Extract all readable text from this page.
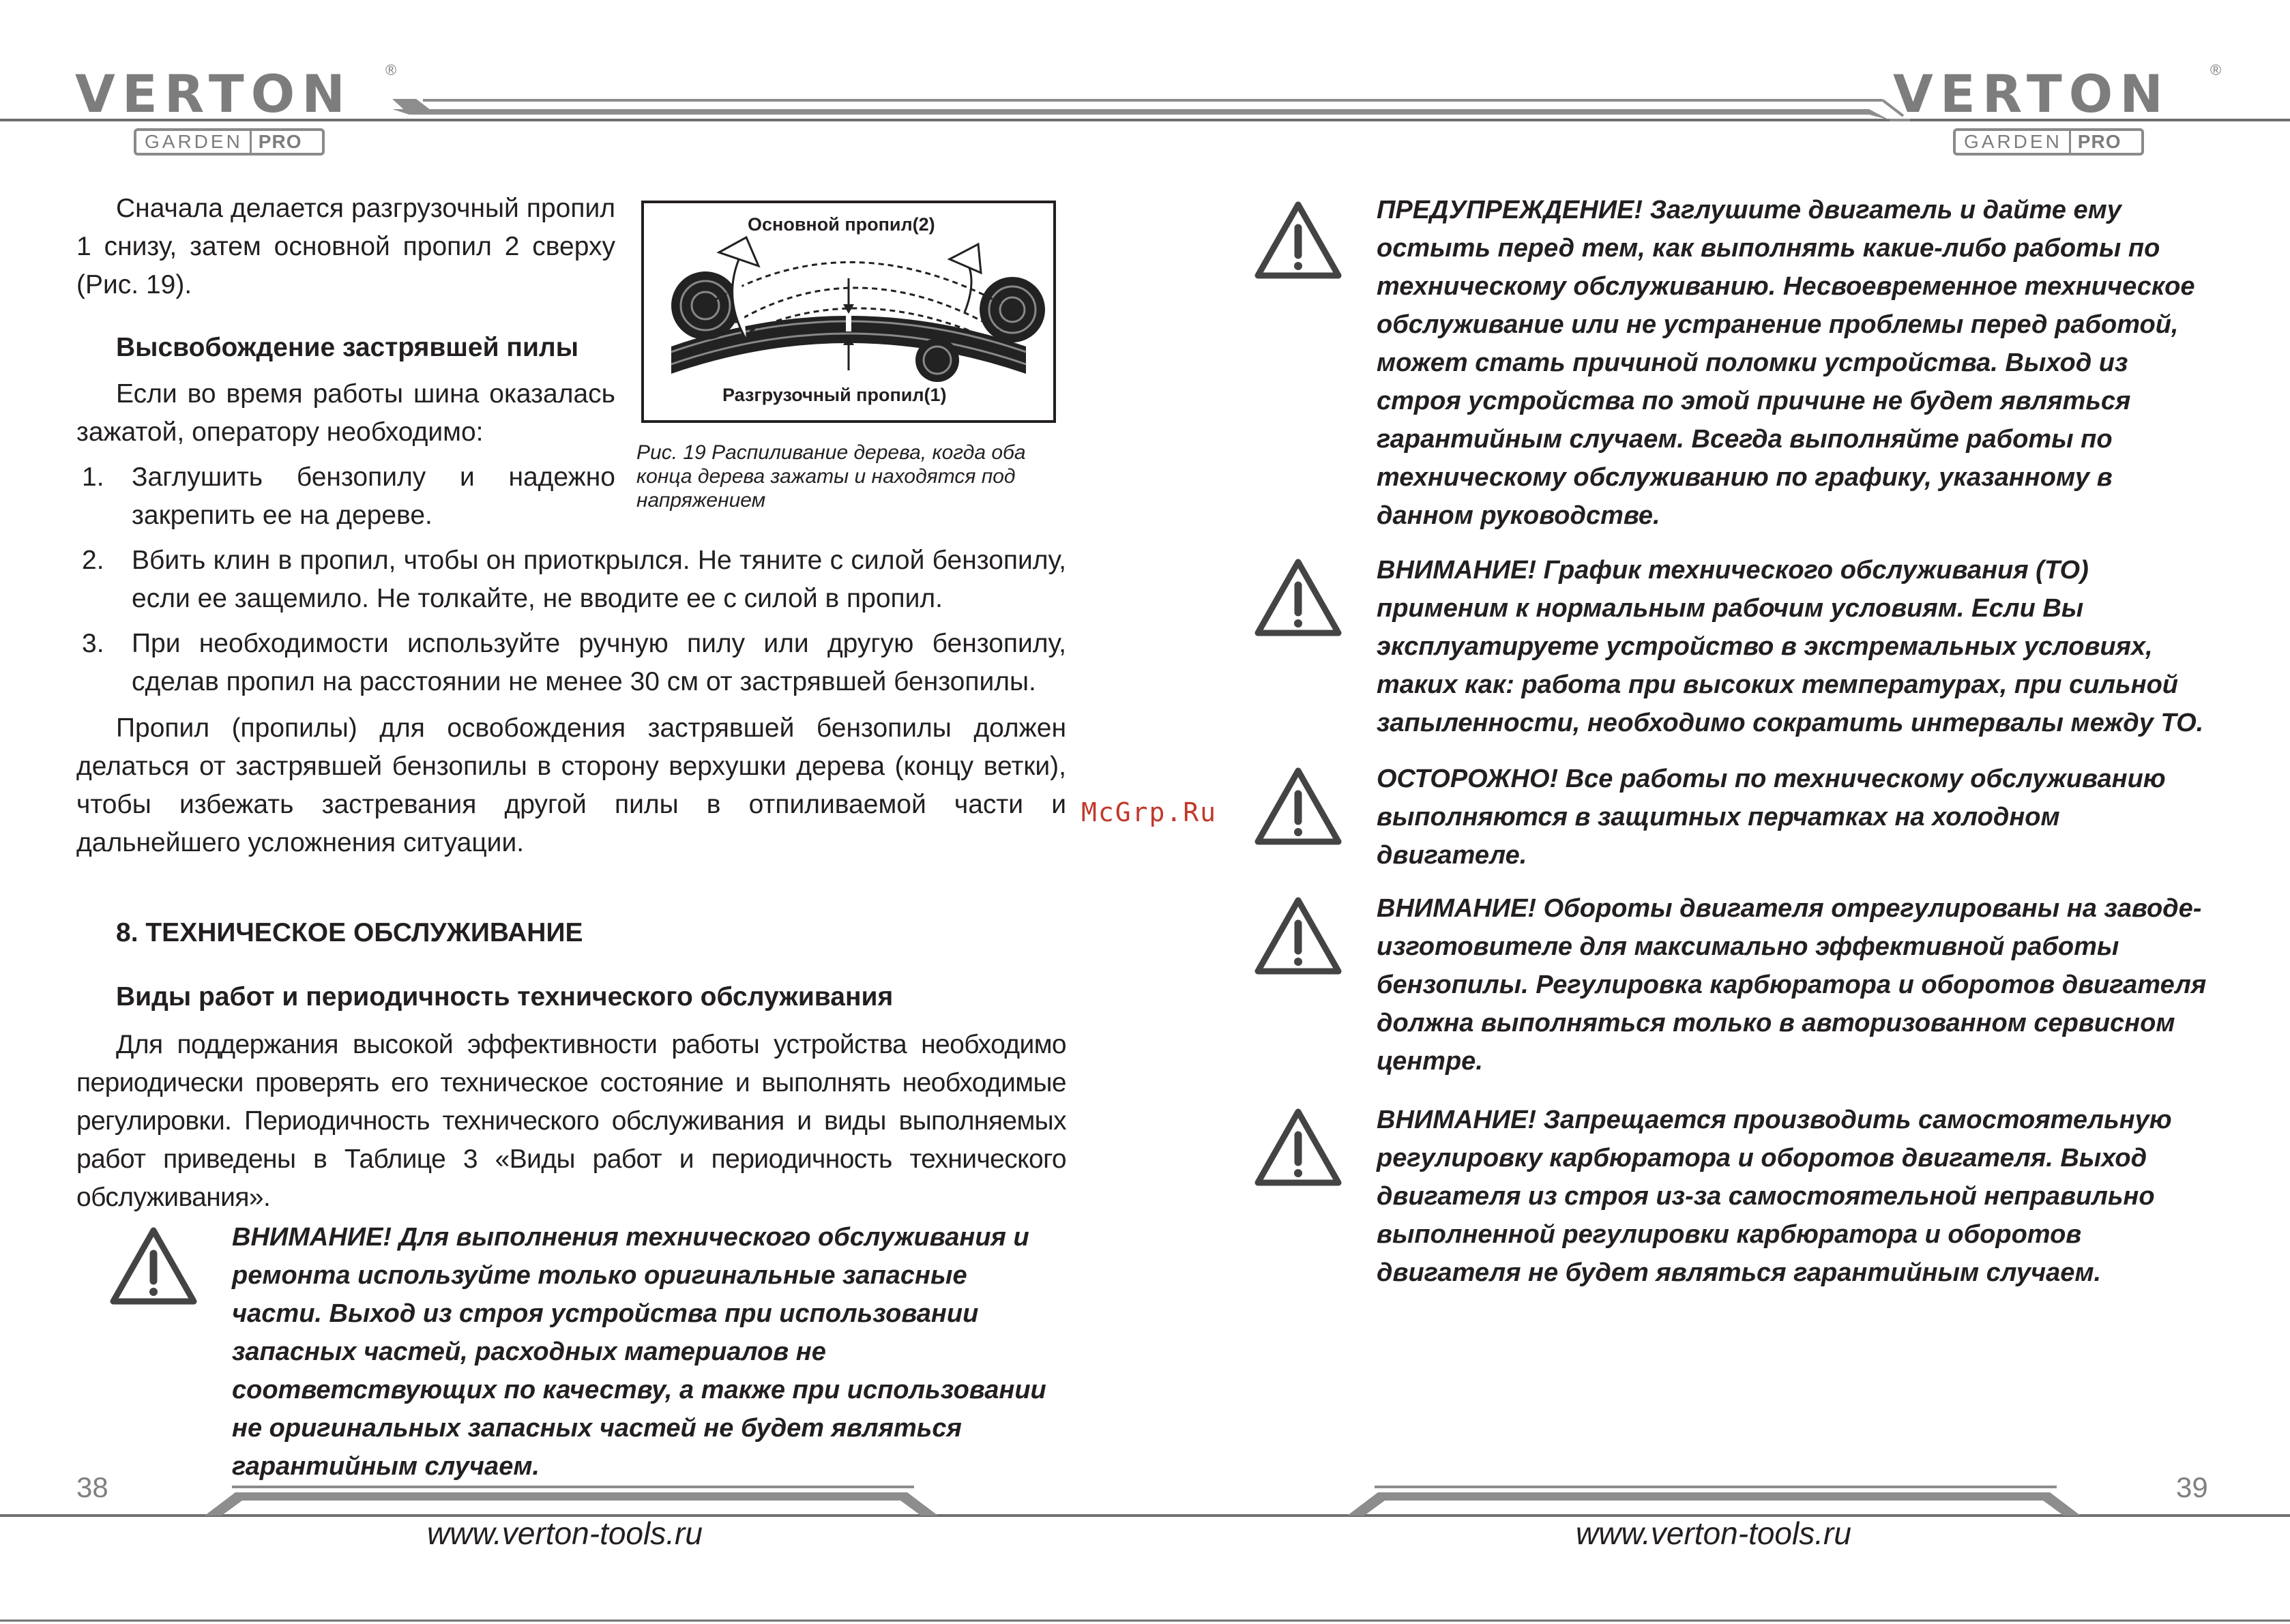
VERTON ®
GARDEN PRO
VERTON	®
GARDEN PRO
Сначала делается разгрузочный пропил 1 снизу, затем основной пропил 2 сверху (Рис. 19).
Основной пропил(2)
Разгрузочный пропил(1)
Рис. 19 Распиливание дерева, когда оба конца дерева зажаты и находятся под напряжением
Высвобождение застрявшей пилы
Если во время работы шина оказалась зажатой, оператору необходимо:
1. Заглушить бензопилу и надежно закрепить ее на дереве.
2. Вбить клин в пропил, чтобы он приоткрылся. Не тяните с силой бензопилу, если ее защемило. Не толкайте, не вводите ее с силой в пропил.
3. При необходимости используйте ручную пилу или другую бензопилу, сделав пропил на расстоянии не менее 30 см от застрявшей бензопилы.
Пропил (пропилы) для освобождения застрявшей бензопилы должен делаться от застрявшей бензопилы в сторону верхушки дерева (концу ветки), чтобы избежать застревания другой пилы в отпиливаемой части и дальнейшего усложнения ситуации.
8. ТЕХНИЧЕСКОЕ ОБСЛУЖИВАНИЕ
Виды работ и периодичность технического обслуживания
Для поддержания высокой эффективности работы устройства необходимо периодически проверять его техническое состояние и выполнять необходимые регулировки. Периодичность технического обслуживания и виды выполняемых работ приведены в Таблице 3 «Виды работ и периодичность технического обслуживания».
ВНИМАНИЕ! Для выполнения технического обслуживания и ремонта используйте только оригинальные запасные части. Выход из строя устройства при использовании запасных частей, расходных материалов не соответствующих по качеству, а также при использовании не оригинальных запасных частей не будет являться гарантийным случаем.
38
www.verton-tools.ru
McGrp.Ru
ПРЕДУПРЕЖДЕНИЕ! Заглушите двигатель и дайте ему остыть перед тем, как выполнять какие-либо работы по техническому обслуживанию. Несвоевременное техническое обслуживание или не устранение проблемы перед работой, может стать причиной поломки устройства. Выход из строя устройства по этой причине не будет являться гарантийным случаем. Всегда выполняйте работы по техническому обслуживанию по графику, указанному в данном руководстве.
ВНИМАНИЕ! График технического обслуживания (ТО) применим к нормальным рабочим условиям. Если Вы эксплуатируете устройство в экстремальных условиях, таких как: работа при высоких температурах, при сильной запыленности, необходимо сократить интервалы между ТО.
ОСТОРОЖНО! Все работы по техническому обслуживанию выполняются в защитных перчатках на холодном двигателе.
ВНИМАНИЕ! Обороты двигателя отрегулированы на заводе-изготовителе для максимально эффективной работы бензопилы. Регулировка карбюратора и оборотов двигателя должна выполняться только в авторизованном сервисном центре.
ВНИМАНИЕ! Запрещается производить самостоятельную регулировку карбюратора и оборотов двигателя. Выход двигателя из строя из-за самостоятельной неправильно выполненной регулировки карбюратора и оборотов двигателя не будет являться гарантийным случаем.
39
www.verton-tools.ru
